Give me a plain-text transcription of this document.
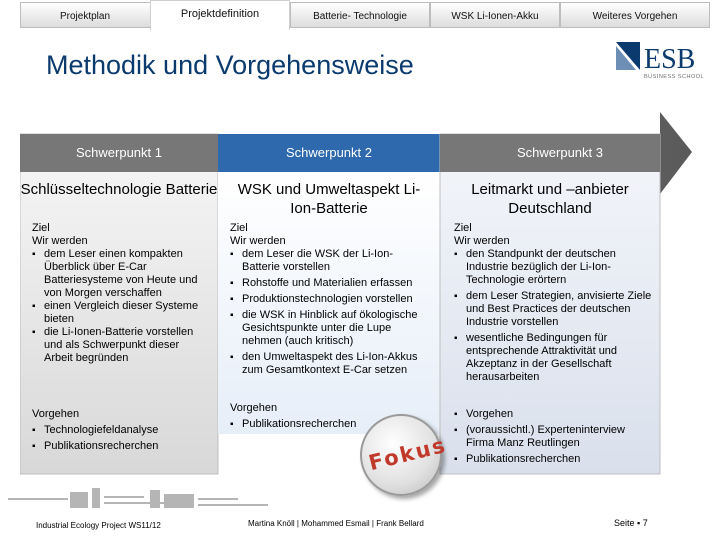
Projektplan	Projektdefinition	Batterie- Technologie	WSK Li-Ionen-Akku	Weiteres Vorgehen
Methodik und Vorgehensweise	ESB
BUSINESS SCHOOL
Schwerpunkt 1
Schlüsseltechnologie Batterie
Ziel
Wir werden
▪ dem Leser einen kompakten Überblick über E-Car Batteriesysteme von Heute und von Morgen verschaffen
▪ einen Vergleich dieser Systeme bieten
▪ die Li-Ionen-Batterie vorstellen und als Schwerpunkt dieser Arbeit begründen
Vorgehen
▪ Technologiefeldanalyse
▪ Publikationsrecherchen
Schwerpunkt 2
WSK und Umweltaspekt Li-Ion-Batterie
Ziel
Wir werden
▪ dem Leser die WSK der Li-Ion-Batterie vorstellen
▪ Rohstoffe und Materialien erfassen
▪ Produktionstechnologien vorstellen
▪ die WSK in Hinblick auf ökologische Gesichtspunkte unter die Lupe nehmen (auch kritisch)
▪ den Umweltaspekt des Li-Ion-Akkus zum Gesamtkontext E-Car setzen
Vorgehen
▪ Publikationsrecherchen
Schwerpunkt 3
Leitmarkt und –anbieter Deutschland
Ziel
Wir werden
▪ den Standpunkt der deutschen Industrie bezüglich der Li-Ion-Technologie erörtern
▪ dem Leser Strategien, anvisierte Ziele und Best Practices der deutschen Industrie vorstellen
▪ wesentliche Bedingungen für entsprechende Attraktivität und Akzeptanz in der Gesellschaft herausarbeiten
▪ Vorgehen
▪ (voraussichtl.) Experteninterview Firma Manz Reutlingen
▪ Publikationsrecherchen
Fokus
Industrial Ecology Project WS11/12	Martina Knöll | Mohammed Esmail | Frank Bellard	Seite ▪ 7
